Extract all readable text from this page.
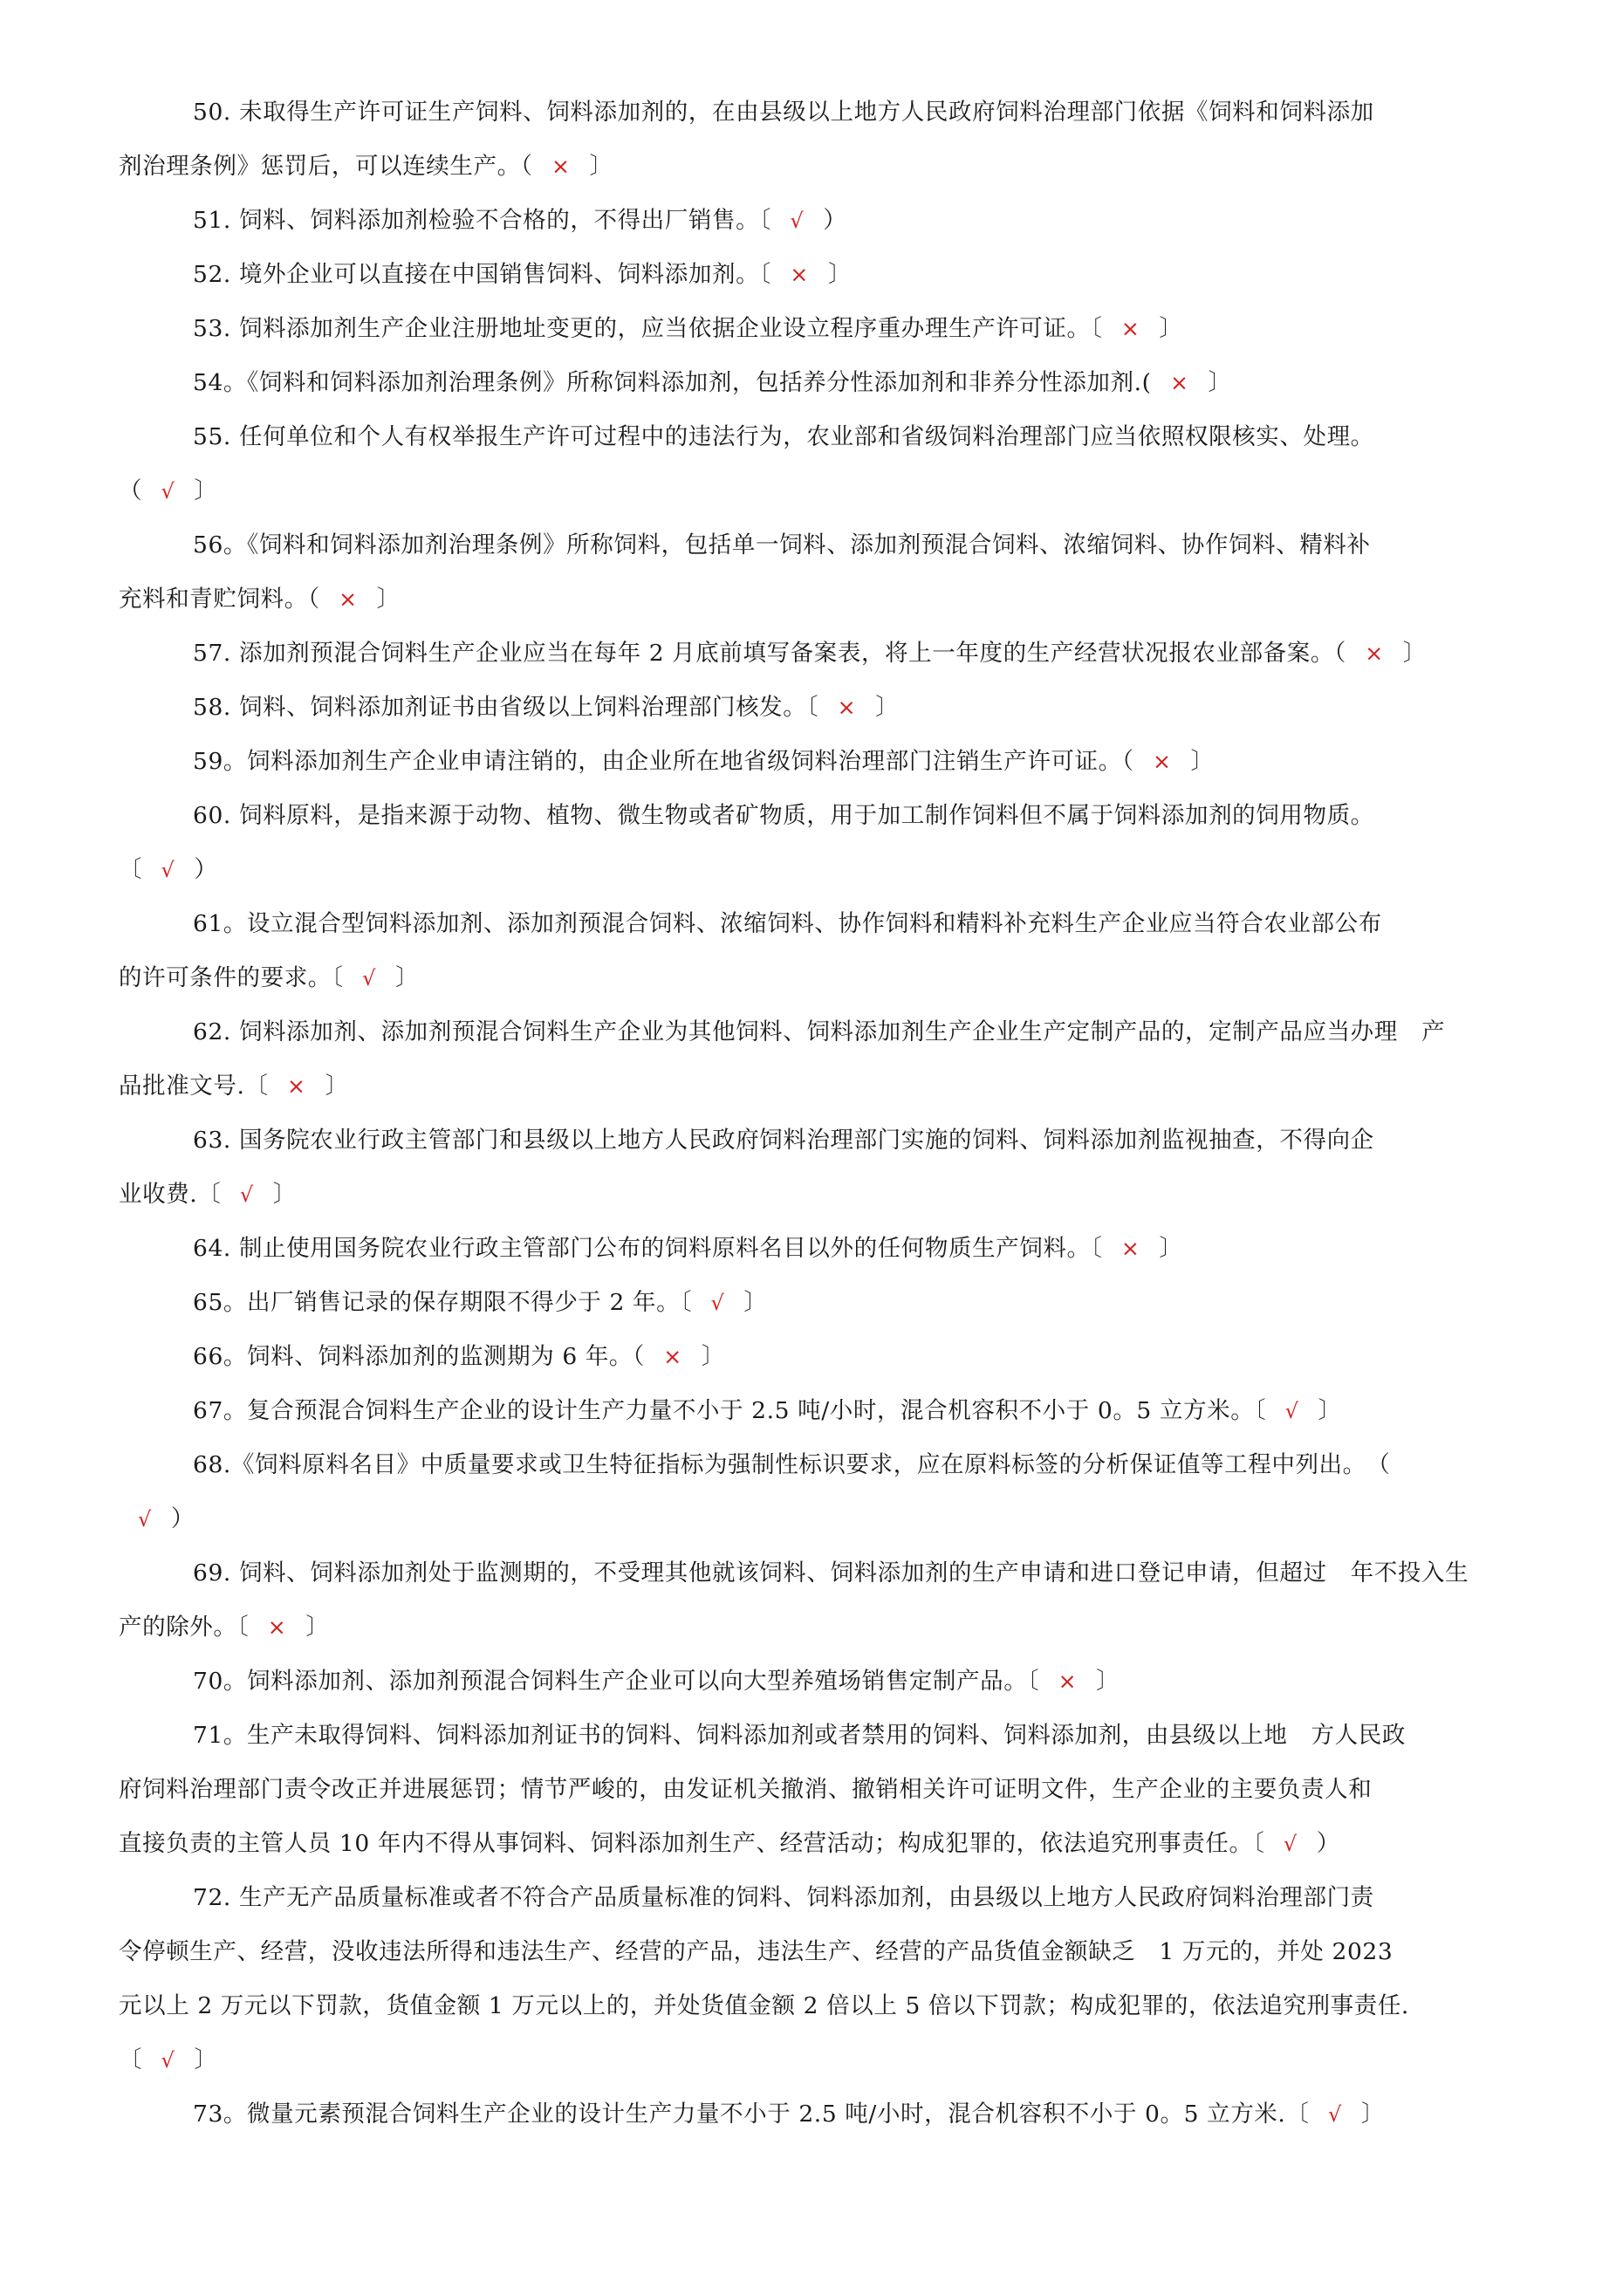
50. 未取得生产许可证生产饲料、饲料添加剂的，在由县级以上地方人民政府饲料治理部门依据《饲料和饲料添加
剂治理条例》惩罚后，可以连续生产。（ × 〕
51. 饲料、饲料添加剂检验不合格的，不得出厂销售。〔 √ ）
52. 境外企业可以直接在中国销售饲料、饲料添加剂。〔 × 〕
53. 饲料添加剂生产企业注册地址变更的，应当依据企业设立程序重办理生产许可证。〔 × 〕
54。《饲料和饲料添加剂治理条例》所称饲料添加剂，包括养分性添加剂和非养分性添加剂.( × 〕
55. 任何单位和个人有权举报生产许可过程中的违法行为，农业部和省级饲料治理部门应当依照权限核实、处理。
（ √ 〕
56。《饲料和饲料添加剂治理条例》所称饲料，包括单一饲料、添加剂预混合饲料、浓缩饲料、协作饲料、精料补
充料和青贮饲料。（ × 〕
57. 添加剂预混合饲料生产企业应当在每年 2 月底前填写备案表，将上一年度的生产经营状况报农业部备案。（ × 〕
58. 饲料、饲料添加剂证书由省级以上饲料治理部门核发。〔 × 〕
59。饲料添加剂生产企业申请注销的，由企业所在地省级饲料治理部门注销生产许可证。（ × 〕
60. 饲料原料，是指来源于动物、植物、微生物或者矿物质，用于加工制作饲料但不属于饲料添加剂的饲用物质。
〔 √ ）
61。设立混合型饲料添加剂、添加剂预混合饲料、浓缩饲料、协作饲料和精料补充料生产企业应当符合农业部公布
的许可条件的要求。〔 √ 〕
62. 饲料添加剂、添加剂预混合饲料生产企业为其他饲料、饲料添加剂生产企业生产定制产品的，定制产品应当办理　产
品批准文号.〔 × 〕
63. 国务院农业行政主管部门和县级以上地方人民政府饲料治理部门实施的饲料、饲料添加剂监视抽查，不得向企
业收费.〔 √ 〕
64. 制止使用国务院农业行政主管部门公布的饲料原料名目以外的任何物质生产饲料。〔 × 〕
65。出厂销售记录的保存期限不得少于 2 年。〔 √ 〕
66。饲料、饲料添加剂的监测期为 6 年。（ × 〕
67。复合预混合饲料生产企业的设计生产力量不小于 2.5 吨/小时，混合机容积不小于 0。5 立方米。〔 √ 〕
68.《饲料原料名目》中质量要求或卫生特征指标为强制性标识要求，应在原料标签的分析保证值等工程中列出。　（
√ ）
69. 饲料、饲料添加剂处于监测期的，不受理其他就该饲料、饲料添加剂的生产申请和进口登记申请，但超过　年不投入生
产的除外。〔 × 〕
70。饲料添加剂、添加剂预混合饲料生产企业可以向大型养殖场销售定制产品。〔 × 〕
71。生产未取得饲料、饲料添加剂证书的饲料、饲料添加剂或者禁用的饲料、饲料添加剂，由县级以上地　方人民政
府饲料治理部门责令改正并进展惩罚；情节严峻的，由发证机关撤消、撤销相关许可证明文件，生产企业的主要负责人和
直接负责的主管人员 10 年内不得从事饲料、饲料添加剂生产、经营活动；构成犯罪的，依法追究刑事责任。〔 √ ）
72. 生产无产品质量标准或者不符合产品质量标准的饲料、饲料添加剂，由县级以上地方人民政府饲料治理部门责
令停顿生产、经营，没收违法所得和违法生产、经营的产品，违法生产、经营的产品货值金额缺乏　1 万元的，并处 2023
元以上 2 万元以下罚款，货值金额 1 万元以上的，并处货值金额 2 倍以上 5 倍以下罚款；构成犯罪的，依法追究刑事责任.
〔 √ 〕
73。微量元素预混合饲料生产企业的设计生产力量不小于 2.5 吨/小时，混合机容积不小于 0。5 立方米.〔 √ 〕
